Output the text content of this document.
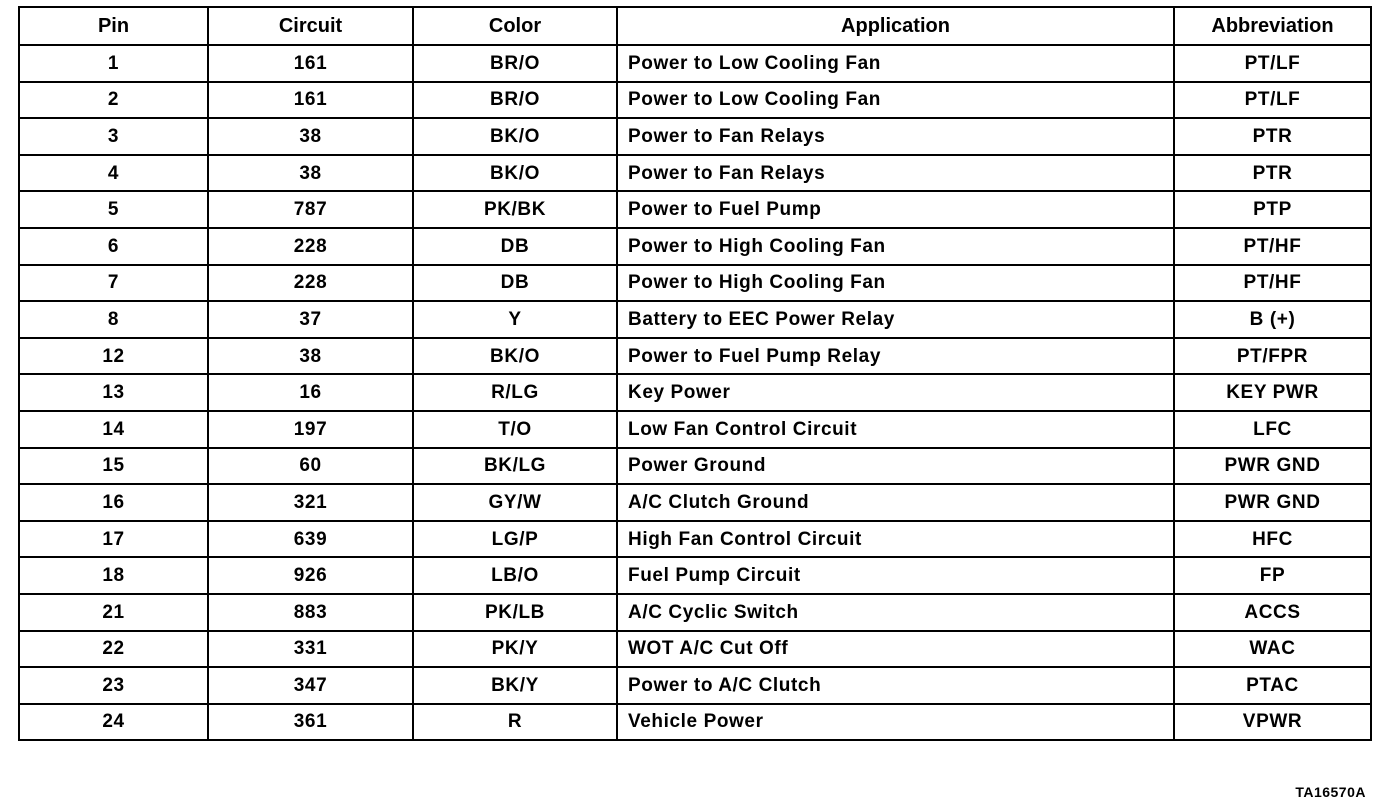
Pin	Circuit	Color	Application	Abbreviation
1	161	BR/O	Power to Low Cooling Fan	PT/LF
2	161	BR/O	Power to Low Cooling Fan	PT/LF
3	38	BK/O	Power to Fan Relays	PTR
4	38	BK/O	Power to Fan Relays	PTR
5	787	PK/BK	Power to Fuel Pump	PTP
6	228	DB	Power to High Cooling Fan	PT/HF
7	228	DB	Power to High Cooling Fan	PT/HF
8	37	Y	Battery to EEC Power Relay	B (+)
12	38	BK/O	Power to Fuel Pump Relay	PT/FPR
13	16	R/LG	Key Power	KEY PWR
14	197	T/O	Low Fan Control Circuit	LFC
15	60	BK/LG	Power Ground	PWR GND
16	321	GY/W	A/C Clutch Ground	PWR GND
17	639	LG/P	High Fan Control Circuit	HFC
18	926	LB/O	Fuel Pump Circuit	FP
21	883	PK/LB	A/C Cyclic Switch	ACCS
22	331	PK/Y	WOT A/C Cut Off	WAC
23	347	BK/Y	Power to A/C Clutch	PTAC
24	361	R	Vehicle Power	VPWR
TA16570A
